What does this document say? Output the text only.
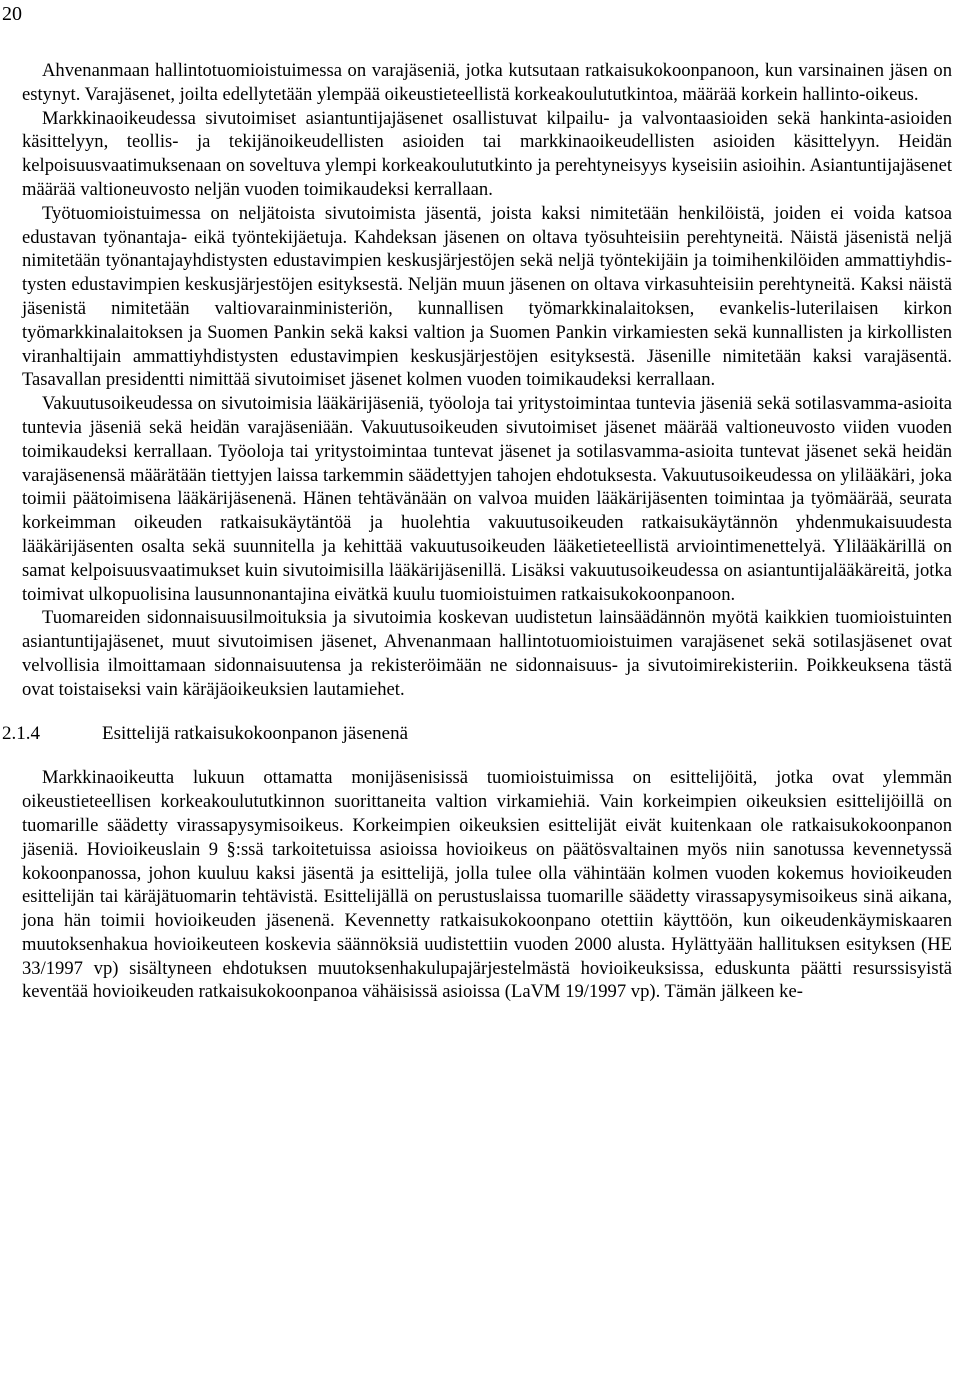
20

Ahvenanmaan hallintotuomioistuimessa on varajäseniä, jotka kutsutaan ratkaisukokoonpanoon, kun varsinainen jäsen on estynyt. Varajäsenet, joilta edellytetään ylempää oikeustieteellistä korkeakoulututkintoa, määrää korkein hallinto-oikeus.

Markkinaoikeudessa sivutoimiset asiantuntijajäsenet osallistuvat kilpailu- ja valvontaasioiden sekä hankinta-asioiden käsittelyyn, teollis- ja tekijänoikeudellisten asioiden tai markkinaoikeudellisten asioiden käsittelyyn. Heidän kelpoisuusvaatimuksenaan on soveltuva ylempi korkeakoulututkinto ja perehtyneisyys kyseisiin asioihin. Asiantuntijajäsenet määrää valtioneuvosto neljän vuoden toimikaudeksi kerrallaan.

Työtuomioistuimessa on neljätoista sivutoimista jäsentä, joista kaksi nimitetään henkilöistä, joiden ei voida katsoa edustavan työnantaja- eikä työntekijäetuja. Kahdeksan jäsenen on oltava työsuhteisiin perehtyneitä. Näistä jäsenistä neljä nimitetään työnantajayhdistysten edustavimpien keskusjärjestöjen sekä neljä työntekijäin ja toimihenkilöiden ammattiyhdistysten edustavimpien keskusjärjestöjen esityksestä. Neljän muun jäsenen on oltava virkasuhteisiin perehtyneitä. Kaksi näistä jäsenistä nimitetään valtiovarainministeriön, kunnallisen työmarkkinalaitoksen, evankelis-luterilaisen kirkon työmarkkinalaitoksen ja Suomen Pankin sekä kaksi valtion ja Suomen Pankin virkamiesten sekä kunnallisten ja kirkollisten viranhaltijain ammattiyhdistysten edustavimpien keskusjärjestöjen esityksestä. Jäsenille nimitetään kaksi varajäsentä. Tasavallan presidentti nimittää sivutoimiset jäsenet kolmen vuoden toimikaudeksi kerrallaan.

Vakuutusoikeudessa on sivutoimisia lääkärijäseniä, työoloja tai yritystoimintaa tuntevia jäseniä sekä sotilasvamma-asioita tuntevia jäseniä sekä heidän varajäseniään. Vakuutusoikeuden sivutoimiset jäsenet määrää valtioneuvosto viiden vuoden toimikaudeksi kerrallaan. Työoloja tai yritystoimintaa tuntevat jäsenet ja sotilasvamma-asioita tuntevat jäsenet sekä heidän varajäsenensä määrätään tiettyjen laissa tarkemmin säädettyjen tahojen ehdotuksesta. Vakuutusoikeudessa on ylilääkäri, joka toimii päätoimisena lääkärijäsenenä. Hänen tehtävänään on valvoa muiden lääkärijäsenten toimintaa ja työmäärää, seurata korkeimman oikeuden ratkaisukäytäntöä ja huolehtia vakuutusoikeuden ratkaisukäytännön yhdenmukaisuudesta lääkärijäsenten osalta sekä suunnitella ja kehittää vakuutusoikeuden lääketieteellistä arviointimenettelyä. Ylilääkärillä on samat kelpoisuusvaatimukset kuin sivutoimisilla lääkärijäsenillä. Lisäksi vakuutusoikeudessa on asiantuntijalääkäreitä, jotka toimivat ulkopuolisina lausunnonantajina eivätkä kuulu tuomioistuimen ratkaisukokoonpanoon.

Tuomareiden sidonnaisuusilmoituksia ja sivutoimia koskevan uudistetun lainsäädännön myötä kaikkien tuomioistuinten asiantuntijajäsenet, muut sivutoimisen jäsenet, Ahvenanmaan hallintotuomioistuimen varajäsenet sekä sotilasjäsenet ovat velvollisia ilmoittamaan sidonnaisuutensa ja rekisteröimään ne sidonnaisuus- ja sivutoimirekisteriin. Poikkeuksena tästä ovat toistaiseksi vain käräjäoikeuksien lautamiehet.

2.1.4	Esittelijä ratkaisukokoonpanon jäsenenä

Markkinaoikeutta lukuun ottamatta monijäsenisissä tuomioistuimissa on esittelijöitä, jotka ovat ylemmän oikeustieteellisen korkeakoulututkinnon suorittaneita valtion virkamiehiä. Vain korkeimpien oikeuksien esittelijöillä on tuomarille säädetty virassapysymisoikeus. Korkeimpien oikeuksien esittelijät eivät kuitenkaan ole ratkaisukokoonpanon jäseniä. Hovioikeuslain 9 §:ssä tarkoitetuissa asioissa hovioikeus on päätösvaltainen myös niin sanotussa kevennetyssä kokoonpanossa, johon kuuluu kaksi jäsentä ja esittelijä, jolla tulee olla vähintään kolmen vuoden kokemus hovioikeuden esittelijän tai käräjätuomarin tehtävistä. Esittelijällä on perustuslaissa tuomarille säädetty virassapysymisoikeus sinä aikana, jona hän toimii hovioikeuden jäsenenä. Kevennetty ratkaisukokoonpano otettiin käyttöön, kun oikeudenkäymiskaaren muutoksenhakua hovioikeuteen koskevia säännöksiä uudistettiin vuoden 2000 alusta. Hylättyään hallituksen esityksen (HE 33/1997 vp) sisältyneen ehdotuksen muutoksenhakulupajärjestelmästä hovioikeuksissa, eduskunta päätti resurssisyistä keventää hovioikeuden ratkaisukokoonpanoa vähäisissä asioissa (LaVM 19/1997 vp). Tämän jälkeen ke-
